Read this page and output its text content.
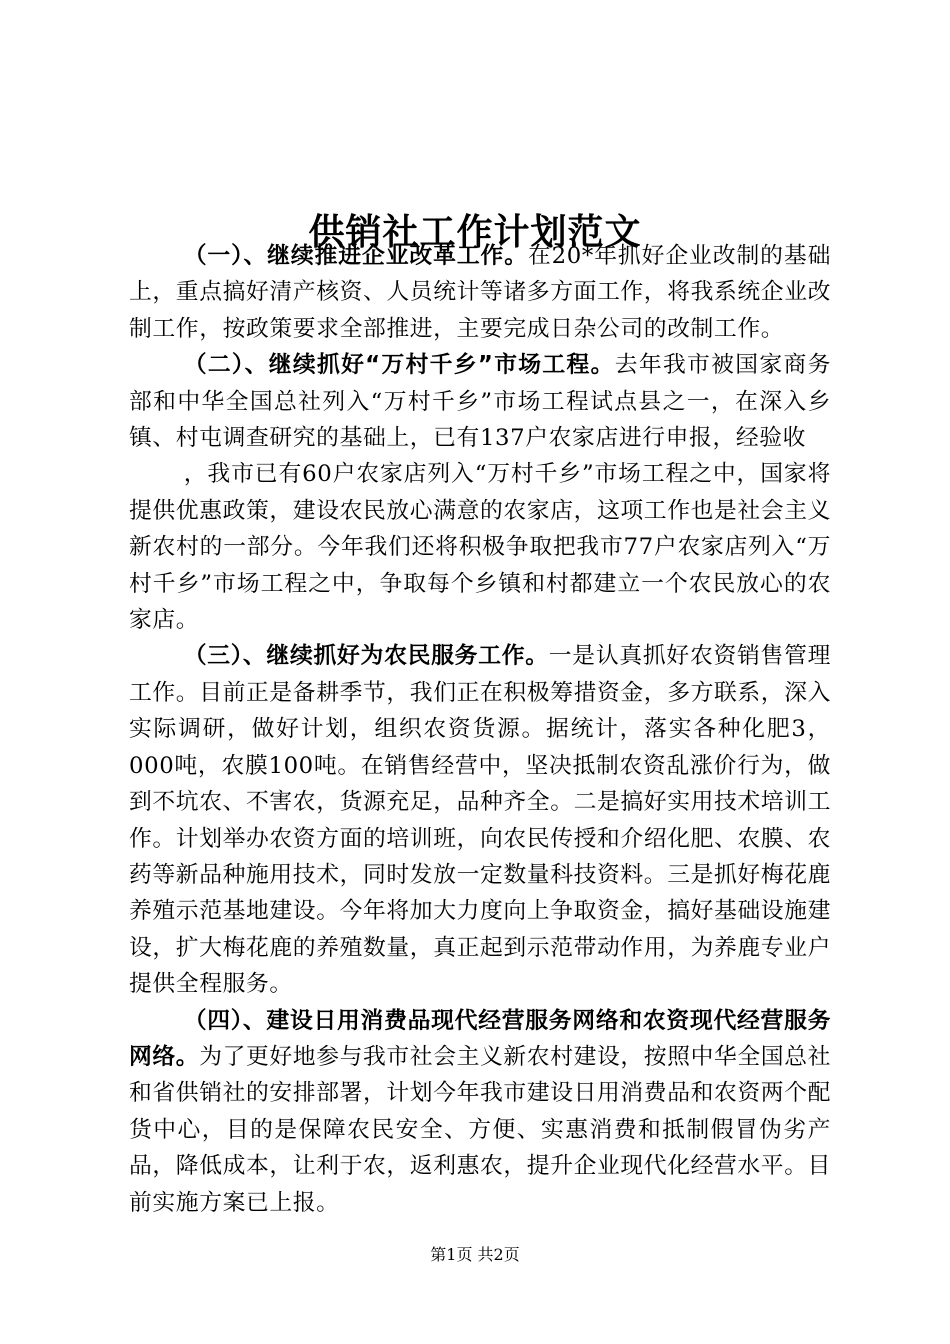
供销社工作计划范文

（一）、继续推进企业改革工作。在20*年抓好企业改制的基础上，重点搞好清产核资、人员统计等诸多方面工作，将我系统企业改制工作，按政策要求全部推进，主要完成日杂公司的改制工作。

（二）、继续抓好“万村千乡”市场工程。去年我市被国家商务部和中华全国总社列入“万村千乡”市场工程试点县之一，在深入乡镇、村屯调查研究的基础上，已有137户农家店进行申报，经验收

，我市已有60户农家店列入“万村千乡”市场工程之中，国家将提供优惠政策，建设农民放心满意的农家店，这项工作也是社会主义新农村的一部分。今年我们还将积极争取把我市77户农家店列入“万村千乡”市场工程之中，争取每个乡镇和村都建立一个农民放心的农家店。

（三）、继续抓好为农民服务工作。一是认真抓好农资销售管理工作。目前正是备耕季节，我们正在积极筹措资金，多方联系，深入实际调研，做好计划，组织农资货源。据统计，落实各种化肥3，000吨，农膜100吨。在销售经营中，坚决抵制农资乱涨价行为，做到不坑农、不害农，货源充足，品种齐全。二是搞好实用技术培训工作。计划举办农资方面的培训班，向农民传授和介绍化肥、农膜、农药等新品种施用技术，同时发放一定数量科技资料。三是抓好梅花鹿养殖示范基地建设。今年将加大力度向上争取资金，搞好基础设施建设，扩大梅花鹿的养殖数量，真正起到示范带动作用，为养鹿专业户提供全程服务。

（四）、建设日用消费品现代经营服务网络和农资现代经营服务网络。为了更好地参与我市社会主义新农村建设，按照中华全国总社和省供销社的安排部署，计划今年我市建设日用消费品和农资两个配货中心，目的是保障农民安全、方便、实惠消费和抵制假冒伪劣产品，降低成本，让利于农，返利惠农，提升企业现代化经营水平。目前实施方案已上报。

第1页 共2页
